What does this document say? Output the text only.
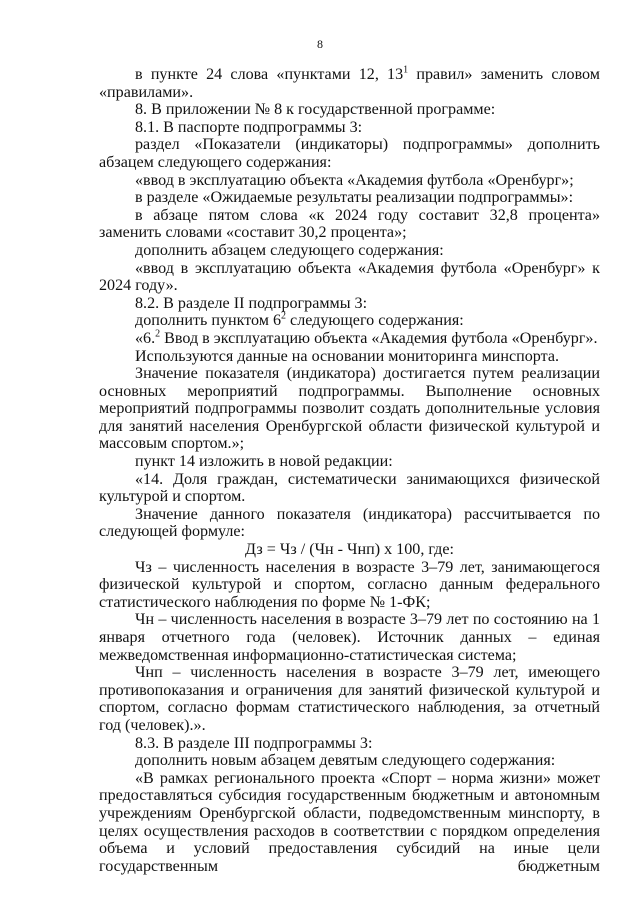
8

в пункте 24 слова «пунктами 12, $13^1$ правил» заменить словом «правилами».

8. В приложении № 8 к государственной программе:

8.1. В паспорте подпрограммы 3:

раздел «Показатели (индикаторы) подпрограммы» дополнить абзацем следующего содержания:

«ввод в эксплуатацию объекта «Академия футбола «Оренбург»;

в разделе «Ожидаемые результаты реализации подпрограммы»:

в абзаце пятом слова «к 2024 году составит 32,8 процента» заменить словами «составит 30,2 процента»;

дополнить абзацем следующего содержания:

«ввод в эксплуатацию объекта «Академия футбола «Оренбург» к 2024 году».

8.2. В разделе II подпрограммы 3:

дополнить пунктом $6^2$ следующего содержания:

«6.$^2$ Ввод в эксплуатацию объекта «Академия футбола «Оренбург».

Используются данные на основании мониторинга минспорта.

Значение показателя (индикатора) достигается путем реализации основных мероприятий подпрограммы. Выполнение основных мероприятий подпрограммы позволит создать дополнительные условия для занятий населения Оренбургской области физической культурой и массовым спортом.»;

пункт 14 изложить в новой редакции:

«14. Доля граждан, систематически занимающихся физической культурой и спортом.

Значение данного показателя (индикатора) рассчитывается по следующей формуле:

Дз = Чз / (Чн - Чнп) х 100, где:

Чз – численность населения в возрасте 3–79 лет, занимающегося физической культурой и спортом, согласно данным федерального статистического наблюдения по форме № 1-ФК;

Чн – численность населения в возрасте 3–79 лет по состоянию на 1 января отчетного года (человек). Источник данных – единая межведомственная информационно-статистическая система;

Чнп – численность населения в возрасте 3–79 лет, имеющего противопоказания и ограничения для занятий физической культурой и спортом, согласно формам статистического наблюдения, за отчетный год (человек).».

8.3. В разделе III подпрограммы 3:

дополнить новым абзацем девятым следующего содержания:

«В рамках регионального проекта «Спорт – норма жизни» может предоставляться субсидия государственным бюджетным и автономным учреждениям Оренбургской области, подведомственным минспорту, в целях осуществления расходов в соответствии с порядком определения объема и условий предоставления субсидий на иные цели государственным бюджетным
